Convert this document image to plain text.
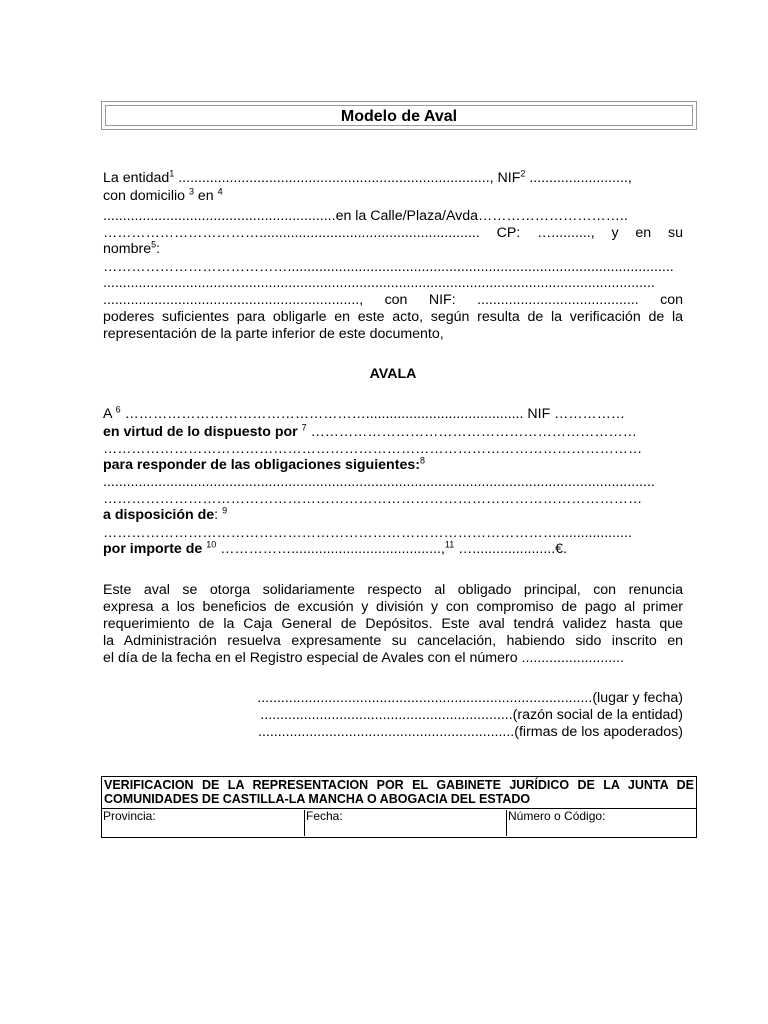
Modelo de Aval
La entidad$^1$ ..............................................................................., NIF$^2$ .........................,
con domicilio $^3$ en $^4$
...........................................................en la Calle/Plaza/Avda…………………………..
……………………………........................................................ CP: ….........., y en su
nombre$^5$:
…………………………………..................................................................................................
............................................................................................................................................
................................................................., con NIF: ......................................... con
poderes suficientes para obligarle en este acto, según resulta de la verificación de la
representación de la parte inferior de este documento,
AVALA
A $^6$ ……………………………………………........................................ NIF ……………
en virtud de lo dispuesto por $^7$ ……………………………………………………………
……………………………………………………………………………………………………
para responder de las obligaciones siguientes:$^8$
............................................................................................................................................
……………………………………………………………………………………………………
a disposición de: $^9$
……………………………………………………………………………………...................
por importe de $^{10}$ ……………......................................,$^{11}$ ….....................€.
Este aval se otorga solidariamente respecto al obligado principal, con renuncia
expresa a los beneficios de excusión y división y con compromiso de pago al primer
requerimiento de la Caja General de Depósitos. Este aval tendrá validez hasta que
la Administración resuelva expresamente su cancelación, habiendo sido inscrito en
el día de la fecha en el Registro especial de Avales con el número ..........................
.....................................................................................(lugar y fecha)
................................................................(razón social de la entidad)
.................................................................(firmas de los apoderados)
VERIFICACION DE LA REPRESENTACION POR EL GABINETE JURÍDICO DE LA JUNTA DE
COMUNIDADES DE CASTILLA-LA MANCHA O ABOGACIA DEL ESTADO
Provincia:	Fecha:	Número o Código:
